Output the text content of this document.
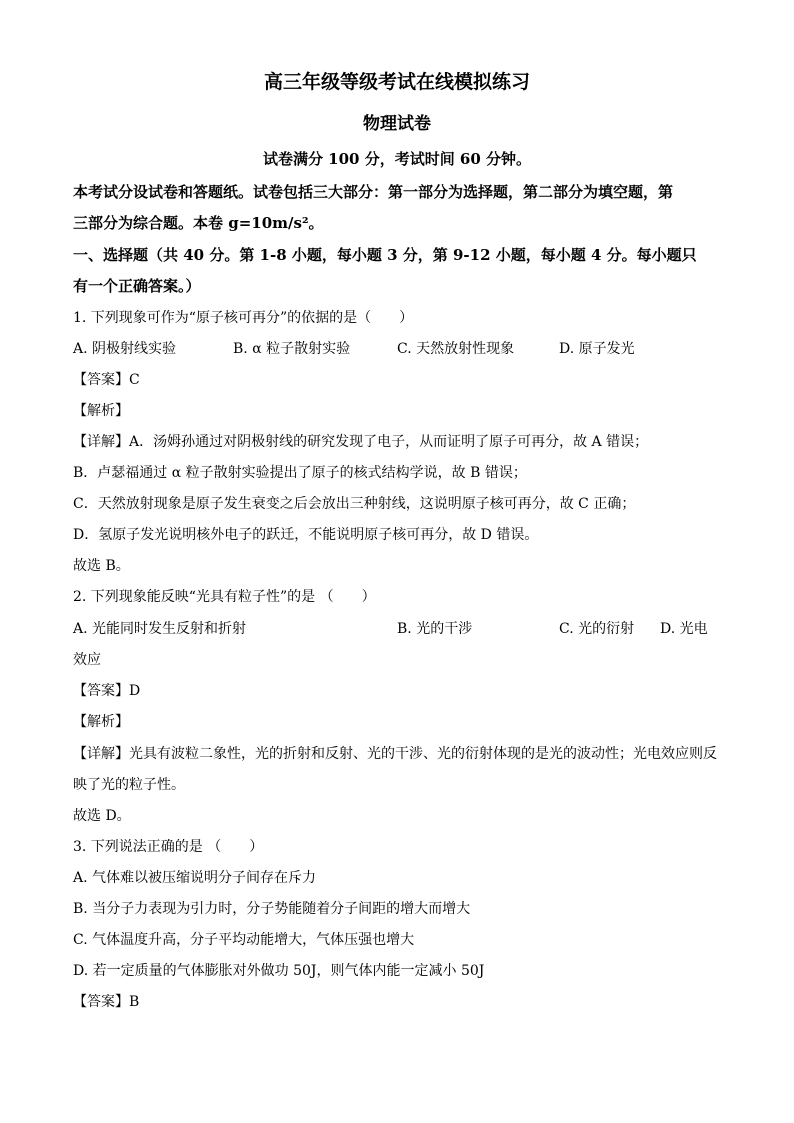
高三年级等级考试在线模拟练习
物理试卷
试卷满分 100 分，考试时间 60 分钟。
本考试分设试卷和答题纸。试卷包括三大部分：第一部分为选择题，第二部分为填空题，第
三部分为综合题。本卷 g=10m/s²。
一、选择题（共 40 分。第 1-8 小题，每小题 3 分，第 9-12 小题，每小题 4 分。每小题只
有一个正确答案。）
1. 下列现象可作为“原子核可再分”的依据的是（　　）
A. 阴极射线实验	B. α 粒子散射实验	C. 天然放射性现象	D. 原子发光
【答案】C
【解析】
【详解】A．汤姆孙通过对阴极射线的研究发现了电子，从而证明了原子可再分，故 A 错误；
B．卢瑟福通过 α 粒子散射实验提出了原子的核式结构学说，故 B 错误；
C．天然放射现象是原子发生衰变之后会放出三种射线，这说明原子核可再分，故 C 正确；
D．氢原子发光说明核外电子的跃迁，不能说明原子核可再分，故 D 错误。
故选 B。
2. 下列现象能反映“光具有粒子性”的是 （　　）
A. 光能同时发生反射和折射	B. 光的干涉	C. 光的衍射 D. 光电
效应
【答案】D
【解析】
【详解】光具有波粒二象性，光的折射和反射、光的干涉、光的衍射体现的是光的波动性；光电效应则反
映了光的粒子性。
故选 D。
3. 下列说法正确的是 （　　）
A. 气体难以被压缩说明分子间存在斥力
B. 当分子力表现为引力时，分子势能随着分子间距的增大而增大
C. 气体温度升高，分子平均动能增大，气体压强也增大
D. 若一定质量的气体膨胀对外做功 50J，则气体内能一定减小 50J
【答案】B
